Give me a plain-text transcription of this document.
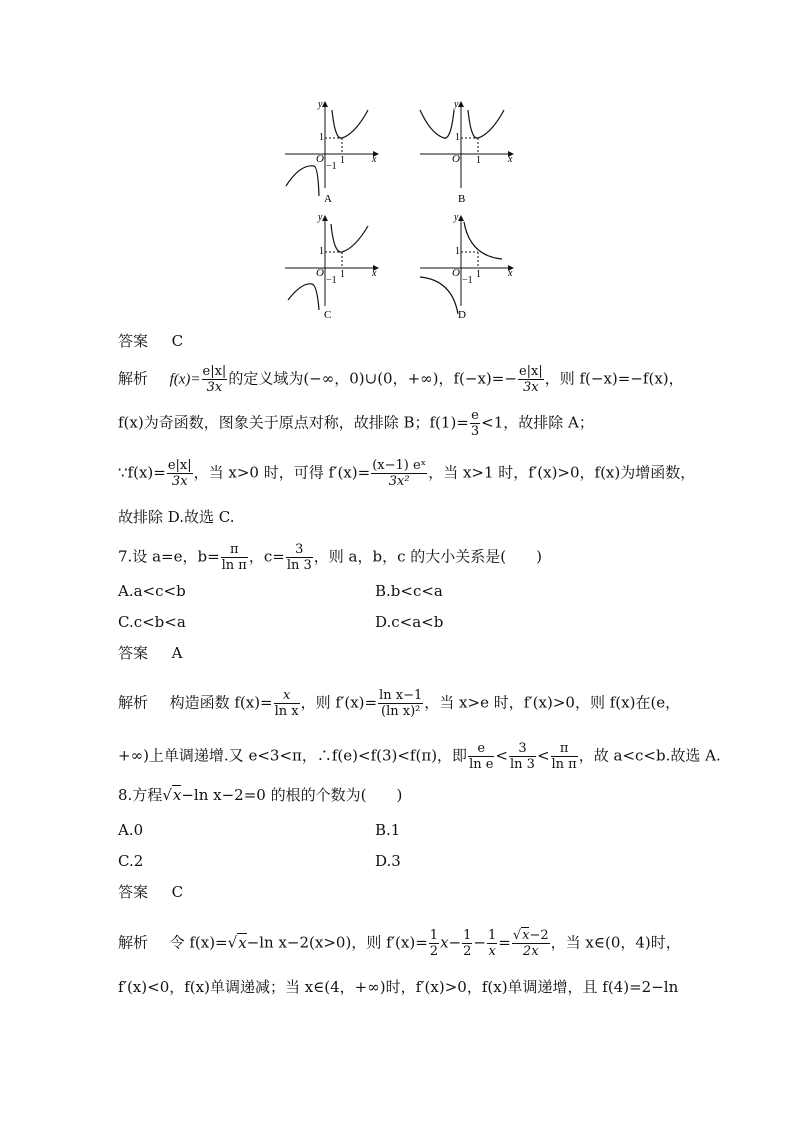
y
x
O
1
1
−1
A
y
x
O
1
1
B
y
x
O
1
1
−1
C
y
x
O
1
1
−1
D
答案 C
解析 $f(x)= \frac{e|x|}{3x}$ 的定义域为(−∞，0)∪(0，+∞)，$f(-x)=- \frac{e|x|}{3x}$ ，则 f(−x)=−f(x)，
f(x)为奇函数，图象关于原点对称，故排除 B；$f(1)= \frac{e}{3} <1$，故排除 A；
∵f(x)= $\frac{e|x|}{3x}$ ，当 x>0 时，可得 $f'(x)= \frac{\text{(x−1) eˣ}}{\text{3x²}}$ ，当 x>1 时，f′(x)>0，f(x)为增函数，
故排除 D.故选 C.
7.设 a=e，$b= \frac{\pi}{\text{ln π}}$ ，$c= \frac{3}{\ln 3}$ ，则 a，b，c 的大小关系是(　　)
A.a<c<b	B.b<c<a
C.c<b<a	D.c<a<b
答案 A
解析 构造函数 $f(x)= \frac{x}{\text{ln x}}$ ，则 $f'(x)= \frac{\text{ln x−1}}{\text{(ln x)²}}$ ，当 x>e 时，f′(x)>0，则 f(x)在(e，
+∞)上单调递增.又 e<3<π，∴f(e)<f(3)<f(π)，即 $\frac{e}{\text{ln e}} < \frac{3}{\ln 3} < \frac{\pi}{\text{ln π}}$ ，故 a<c<b.故选 A.
8.方程√x−ln x−2=0 的根的个数为(　　)
A.0	B.1
C.2	D.3
答案 C
解析 令 f(x)=√x−ln x−2(x>0)，则 $f'(x)= \frac{1}{2} x- \frac{1}{2} - \frac{1}{x} = \frac{√x-2}{2x}$ ，当 x∈(0，4)时，
f′(x)<0，f(x)单调递减；当 x∈(4，+∞)时，f′(x)>0，f(x)单调递增，且 f(4)=2−ln
